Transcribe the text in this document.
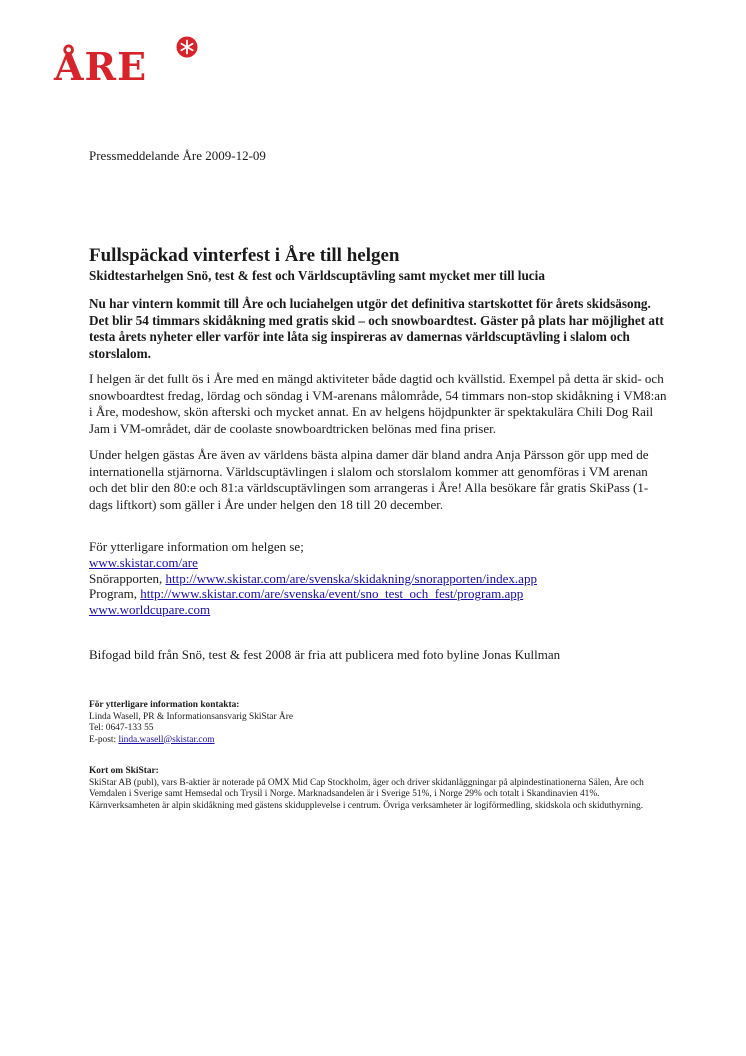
ÅRE
Pressmeddelande Åre 2009-12-09
Fullspäckad vinterfest i Åre till helgen
Skidtestarhelgen Snö, test & fest och Världscuptävling samt mycket mer till lucia

Nu har vintern kommit till Åre och luciahelgen utgör det definitiva startskottet för årets skidsäsong. Det blir 54 timmars skidåkning med gratis skid – och snowboardtest. Gäster på plats har möjlighet att testa årets nyheter eller varför inte låta sig inspireras av damernas världscuptävling i slalom och storslalom.

I helgen är det fullt ös i Åre med en mängd aktiviteter både dagtid och kvällstid. Exempel på detta är skid- och snowboardtest fredag, lördag och söndag i VM-arenans målområde, 54 timmars non-stop skidåkning i VM8:an i Åre, modeshow, skön afterski och mycket annat. En av helgens höjdpunkter är spektakulära Chili Dog Rail Jam i VM-området, där de coolaste snowboardtricken belönas med fina priser.

Under helgen gästas Åre även av världens bästa alpina damer där bland andra Anja Pärsson gör upp med de internationella stjärnorna. Världscuptävlingen i slalom och storslalom kommer att genomföras i VM arenan och det blir den 80:e och 81:a världscuptävlingen som arrangeras i Åre! Alla besökare får gratis SkiPass (1-dags liftkort) som gäller i Åre under helgen den 18 till 20 december.

För ytterligare information om helgen se;
www.skistar.com/are
Snörapporten, http://www.skistar.com/are/svenska/skidakning/snorapporten/index.app
Program, http://www.skistar.com/are/svenska/event/sno_test_och_fest/program.app
www.worldcupare.com
Bifogad bild från Snö, test & fest 2008 är fria att publicera med foto byline Jonas Kullman
För ytterligare information kontakta:
Linda Wasell, PR & Informationsansvarig SkiStar Åre
Tel: 0647-133 55
E-post: linda.wasell@skistar.com
Kort om SkiStar:
SkiStar AB (publ), vars B-aktier är noterade på OMX Mid Cap Stockholm, äger och driver skidanläggningar på alpindestinationerna Sälen, Åre och Vemdalen i Sverige samt Hemsedal och Trysil i Norge. Marknadsandelen är i Sverige 51%, i Norge 29% och totalt i Skandinavien 41%. Kärnverksamheten är alpin skidåkning med gästens skidupplevelse i centrum. Övriga verksamheter är logiförmedling, skidskola och skiduthyrning.
